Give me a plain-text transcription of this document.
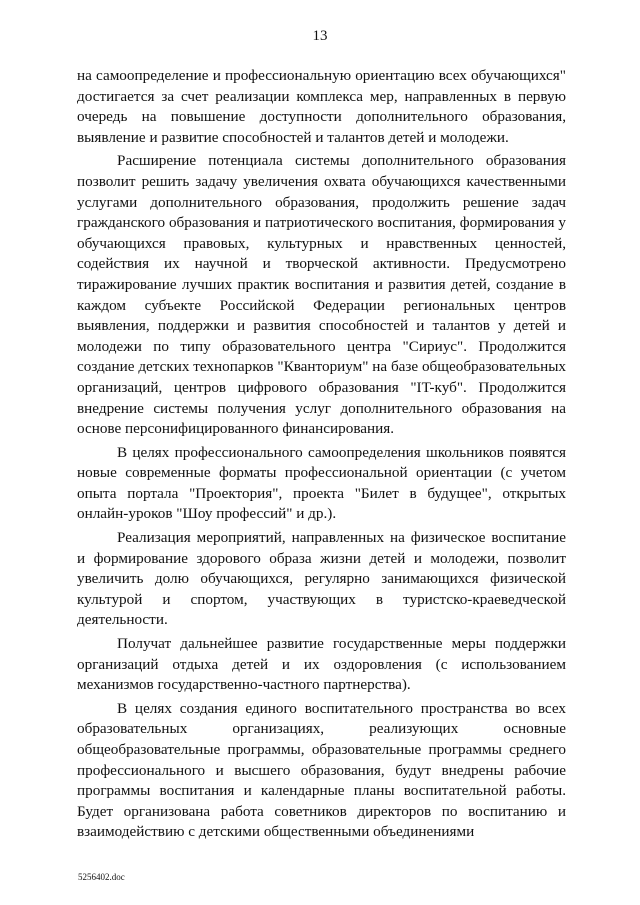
13

на самоопределение и профессиональную ориентацию всех обучающихся" достигается за счет реализации комплекса мер, направленных в первую очередь на повышение доступности дополнительного образования, выявление и развитие способностей и талантов детей и молодежи.

Расширение потенциала системы дополнительного образования позволит решить задачу увеличения охвата обучающихся качественными услугами дополнительного образования, продолжить решение задач гражданского образования и патриотического воспитания, формирования у обучающихся правовых, культурных и нравственных ценностей, содействия их научной и творческой активности. Предусмотрено тиражирование лучших практик воспитания и развития детей, создание в каждом субъекте Российской Федерации региональных центров выявления, поддержки и развития способностей и талантов у детей и молодежи по типу образовательного центра "Сириус". Продолжится создание детских технопарков "Кванториум" на базе общеобразовательных организаций, центров цифрового образования "IT-куб". Продолжится внедрение системы получения услуг дополнительного образования на основе персонифицированного финансирования.

В целях профессионального самоопределения школьников появятся новые современные форматы профессиональной ориентации (с учетом опыта портала "Проектория", проекта "Билет в будущее", открытых онлайн-уроков "Шоу профессий" и др.).

Реализация мероприятий, направленных на физическое воспитание и формирование здорового образа жизни детей и молодежи, позволит увеличить долю обучающихся, регулярно занимающихся физической культурой и спортом, участвующих в туристско-краеведческой деятельности.

Получат дальнейшее развитие государственные меры поддержки организаций отдыха детей и их оздоровления (с использованием механизмов государственно-частного партнерства).

В целях создания единого воспитательного пространства во всех образовательных организациях, реализующих основные общеобразовательные программы, образовательные программы среднего профессионального и высшего образования, будут внедрены рабочие программы воспитания и календарные планы воспитательной работы. Будет организована работа советников директоров по воспитанию и взаимодействию с детскими общественными объединениями

5256402.doc
